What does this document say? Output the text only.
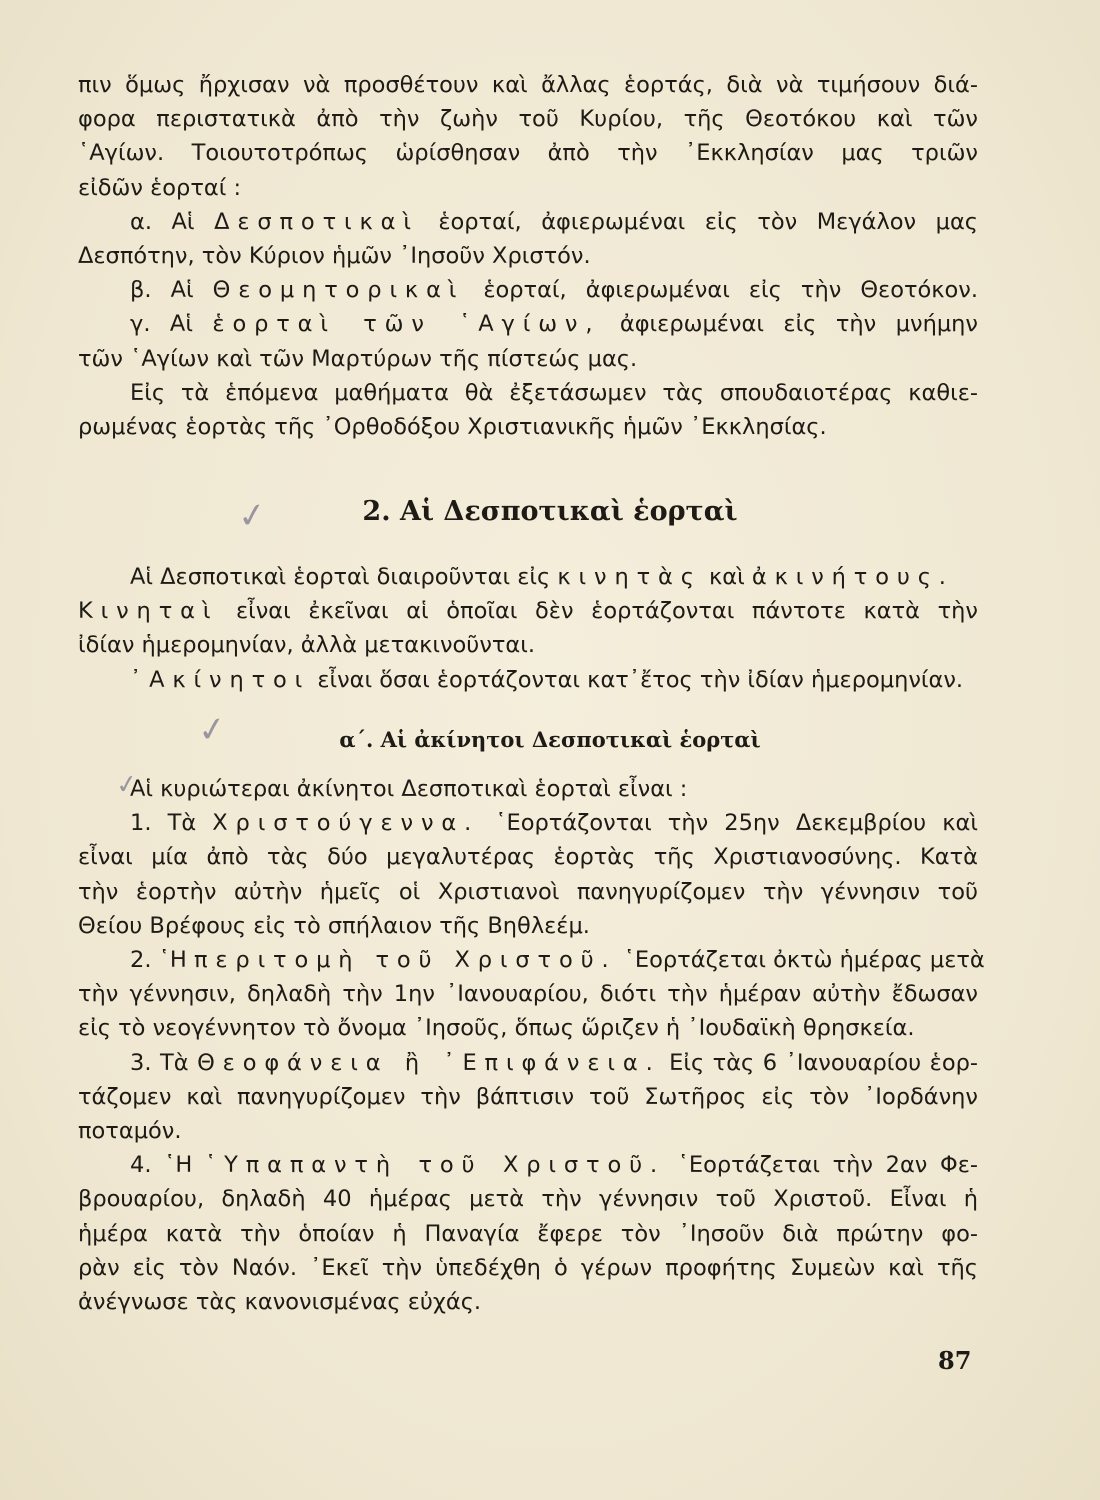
πιν ὅμως ἤρχισαν νὰ προσθέτουν καὶ ἄλλας ἑορτάς, διὰ νὰ τιμήσουν διά-
φορα περιστατικὰ ἀπὸ τὴν ζωὴν τοῦ Κυρίου, τῆς Θεοτόκου καὶ τῶν
῾Αγίων. Τοιουτοτρόπως ὡρίσθησαν ἀπὸ τὴν ᾿Εκκλησίαν μας τριῶν
εἰδῶν ἑορταί :
α. Αἱ Δεσποτικαὶ ἑορταί, ἀφιερωμέναι εἰς τὸν Μεγάλον μας
Δεσπότην, τὸν Κύριον ἡμῶν ᾿Ιησοῦν Χριστόν.
β. Αἱ Θεομητορικαὶ ἑορταί, ἀφιερωμέναι εἰς τὴν Θεοτόκον.
γ. Αἱ ἑορταὶ τῶν ῾Αγίων, ἀφιερωμέναι εἰς τὴν μνήμην
τῶν ῾Αγίων καὶ τῶν Μαρτύρων τῆς πίστεώς μας.
Εἰς τὰ ἑπόμενα μαθήματα θὰ ἐξετάσωμεν τὰς σπουδαιοτέρας καθιε-
ρωμένας ἑορτὰς τῆς ᾿Ορθοδόξου Χριστιανικῆς ἡμῶν ᾿Εκκλησίας.
✓	2. Αἱ Δεσποτικαὶ ἑορταὶ
Αἱ Δεσποτικαὶ ἑορταὶ διαιροῦνται εἰς κινητὰς καὶ ἀκινήτους.
Κινηταὶ εἶναι ἐκεῖναι αἱ ὁποῖαι δὲν ἑορτάζονται πάντοτε κατὰ τὴν
ἰδίαν ἡμερομηνίαν, ἀλλὰ μετακινοῦνται.
᾿Ακίνητοι εἶναι ὅσαι ἑορτάζονται κατ᾿ἔτος τὴν ἰδίαν ἡμερομηνίαν.
✓	α΄. Αἱ ἀκίνητοι Δεσποτικαὶ ἑορταὶ
Αἱ κυριώτεραι ἀκίνητοι Δεσποτικαὶ ἑορταὶ εἶναι :
1. Τὰ Χριστούγεννα. ῾Εορτάζονται τὴν 25ην Δεκεμβρίου καὶ
εἶναι μία ἀπὸ τὰς δύο μεγαλυτέρας ἑορτὰς τῆς Χριστιανοσύνης. Κατὰ
τὴν ἑορτὴν αὐτὴν ἡμεῖς οἱ Χριστιανοὶ πανηγυρίζομεν τὴν γέννησιν τοῦ
Θείου Βρέφους εἰς τὸ σπήλαιον τῆς Βηθλεέμ.
2. ῾Η περιτομὴ τοῦ Χριστοῦ. ῾Εορτάζεται ὀκτὼ ἡμέρας μετὰ
τὴν γέννησιν, δηλαδὴ τὴν 1ην ᾿Ιανουαρίου, διότι τὴν ἡμέραν αὐτὴν ἔδωσαν
εἰς τὸ νεογέννητον τὸ ὄνομα ᾿Ιησοῦς, ὅπως ὥριζεν ἡ ᾿Ιουδαϊκὴ θρησκεία.
3. Τὰ Θεοφάνεια ἢ ᾿Επιφάνεια. Εἰς τὰς 6 ᾿Ιανουαρίου ἑορ-
τάζομεν καὶ πανηγυρίζομεν τὴν βάπτισιν τοῦ Σωτῆρος εἰς τὸν ᾿Ιορδάνην
ποταμόν.
4. ῾Η ῾Υπαπαντὴ τοῦ Χριστοῦ. ῾Εορτάζεται τὴν 2αν Φε-
βρουαρίου, δηλαδὴ 40 ἡμέρας μετὰ τὴν γέννησιν τοῦ Χριστοῦ. Εἶναι ἡ
ἡμέρα κατὰ τὴν ὁποίαν ἡ Παναγία ἔφερε τὸν ᾿Ιησοῦν διὰ πρώτην φο-
ρὰν εἰς τὸν Ναόν. ᾿Εκεῖ τὴν ὑπεδέχθη ὁ γέρων προφήτης Συμεὼν καὶ τῆς
ἀνέγνωσε τὰς κανονισμένας εὐχάς.
✓
87
